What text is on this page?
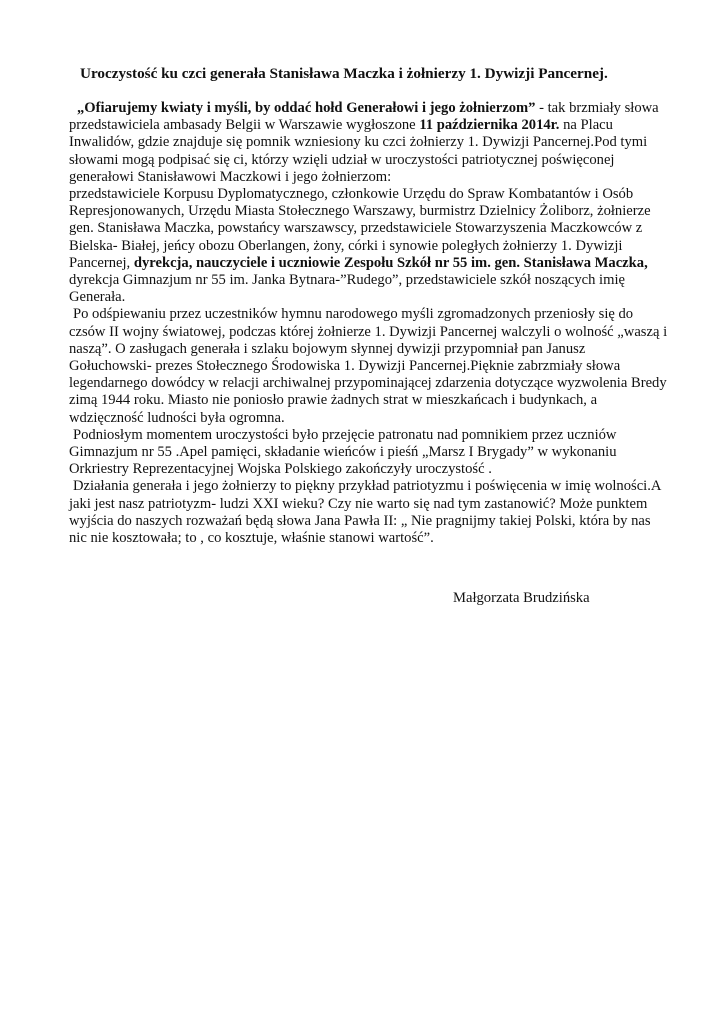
Uroczystość ku czci generała Stanisława Maczka i żołnierzy 1. Dywizji Pancernej.

„Ofiarujemy kwiaty i myśli, by oddać hołd Generałowi i jego żołnierzom” - tak brzmiały słowa przedstawiciela ambasady Belgii w Warszawie wygłoszone 11 października 2014r. na Placu Inwalidów, gdzie znajduje się pomnik wzniesiony ku czci żołnierzy 1. Dywizji Pancernej.Pod tymi słowami mogą podpisać się ci, którzy wzięli udział w uroczystości patriotycznej poświęconej generałowi Stanisławowi Maczkowi i jego żołnierzom:

przedstawiciele Korpusu Dyplomatycznego, członkowie Urzędu do Spraw Kombatantów i Osób Represjonowanych, Urzędu Miasta Stołecznego Warszawy, burmistrz Dzielnicy Żoliborz, żołnierze gen. Stanisława Maczka, powstańcy warszawscy, przedstawiciele Stowarzyszenia Maczkowców z Bielska- Białej, jeńcy obozu Oberlangen, żony, córki i synowie poległych żołnierzy 1. Dywizji Pancernej, dyrekcja, nauczyciele i uczniowie Zespołu Szkół nr 55 im. gen. Stanisława Maczka, dyrekcja Gimnazjum nr 55 im. Janka Bytnara-”Rudego”, przedstawiciele szkół noszących imię Generała.

Po odśpiewaniu przez uczestników hymnu narodowego myśli zgromadzonych przeniosły się do czsów II wojny światowej, podczas której żołnierze 1. Dywizji Pancernej walczyli o wolność „waszą i naszą”. O zasługach generała i szlaku bojowym słynnej dywizji przypomniał pan Janusz Gołuchowski- prezes Stołecznego Środowiska 1. Dywizji Pancernej.Pięknie zabrzmiały słowa legendarnego dowódcy w relacji archiwalnej przypominającej zdarzenia dotyczące wyzwolenia Bredy zimą 1944 roku. Miasto nie poniosło prawie żadnych strat w mieszkańcach i budynkach, a wdzięczność ludności była ogromna.

Podniosłym momentem uroczystości było przejęcie patronatu nad pomnikiem przez uczniów Gimnazjum nr 55 .Apel pamięci, składanie wieńców i pieśń „Marsz I Brygady” w wykonaniu Orkriestry Reprezentacyjnej Wojska Polskiego zakończyły uroczystość .

Działania generała i jego żołnierzy to piękny przykład patriotyzmu i poświęcenia w imię wolności.A jaki jest nasz patriotyzm- ludzi XXI wieku? Czy nie warto się nad tym zastanowić? Może punktem wyjścia do naszych rozważań będą słowa Jana Pawła II: „ Nie pragnijmy takiej Polski, która by nas nic nie kosztowała; to , co kosztuje, właśnie stanowi wartość”.

Małgorzata Brudzińska
